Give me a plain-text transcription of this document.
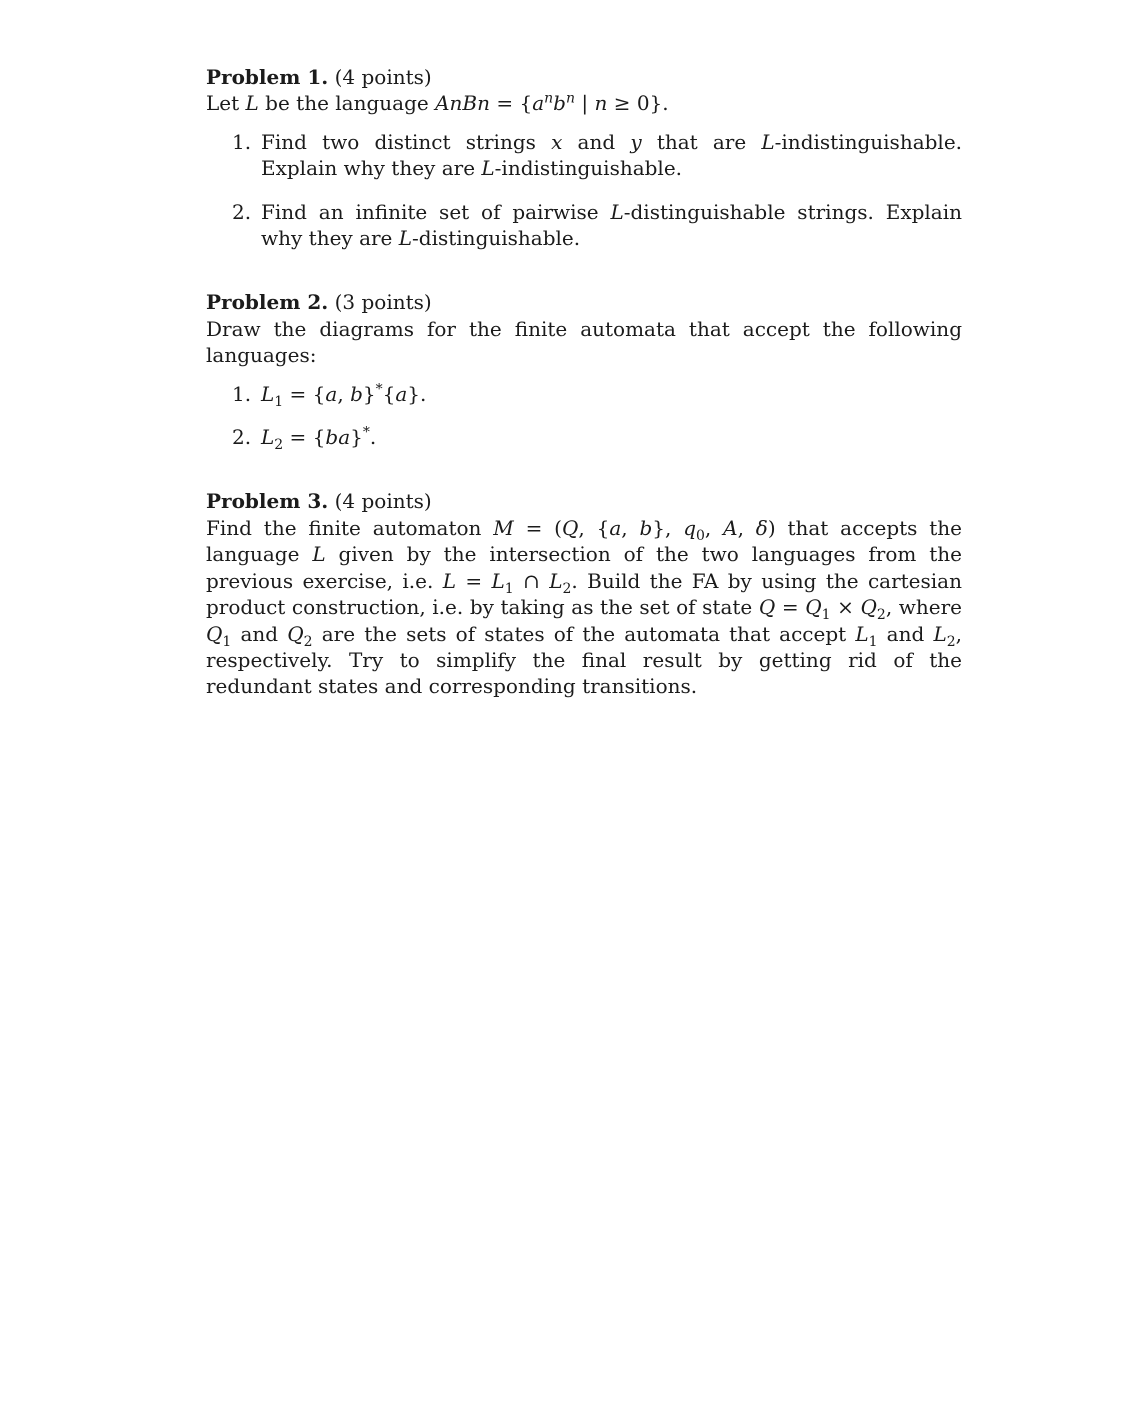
Problem 1. (4 points)
Let L be the language AnBn = {$a^nb^n$ | n ≥ 0}.
1. Find two distinct strings x and y that are L-indistinguishable. Explain why they are L-indistinguishable.
2. Find an infinite set of pairwise L-distinguishable strings. Explain why they are L-distinguishable.
Problem 2. (3 points)
Draw the diagrams for the finite automata that accept the following languages:
1. $L_1 = \{a$, b}*{a}.
2. $L_2 = \{ba\}^*$.
Problem 3. (4 points)
Find the finite automaton M = (Q, {a, b}, $q_0$, A, δ) that accepts the language L given by the intersection of the two languages from the previous exercise, i.e. $L = L_1$ ∩ $L_2$. Build the FA by using the cartesian product construction, i.e. by taking as the set of state $Q = Q_1 \times Q_2$, where $Q_1$ and $Q_2$ are the sets of states of the automata that accept $L_1$ and $L_2$, respectively. Try to simplify the final result by getting rid of the redundant states and corresponding transitions.
